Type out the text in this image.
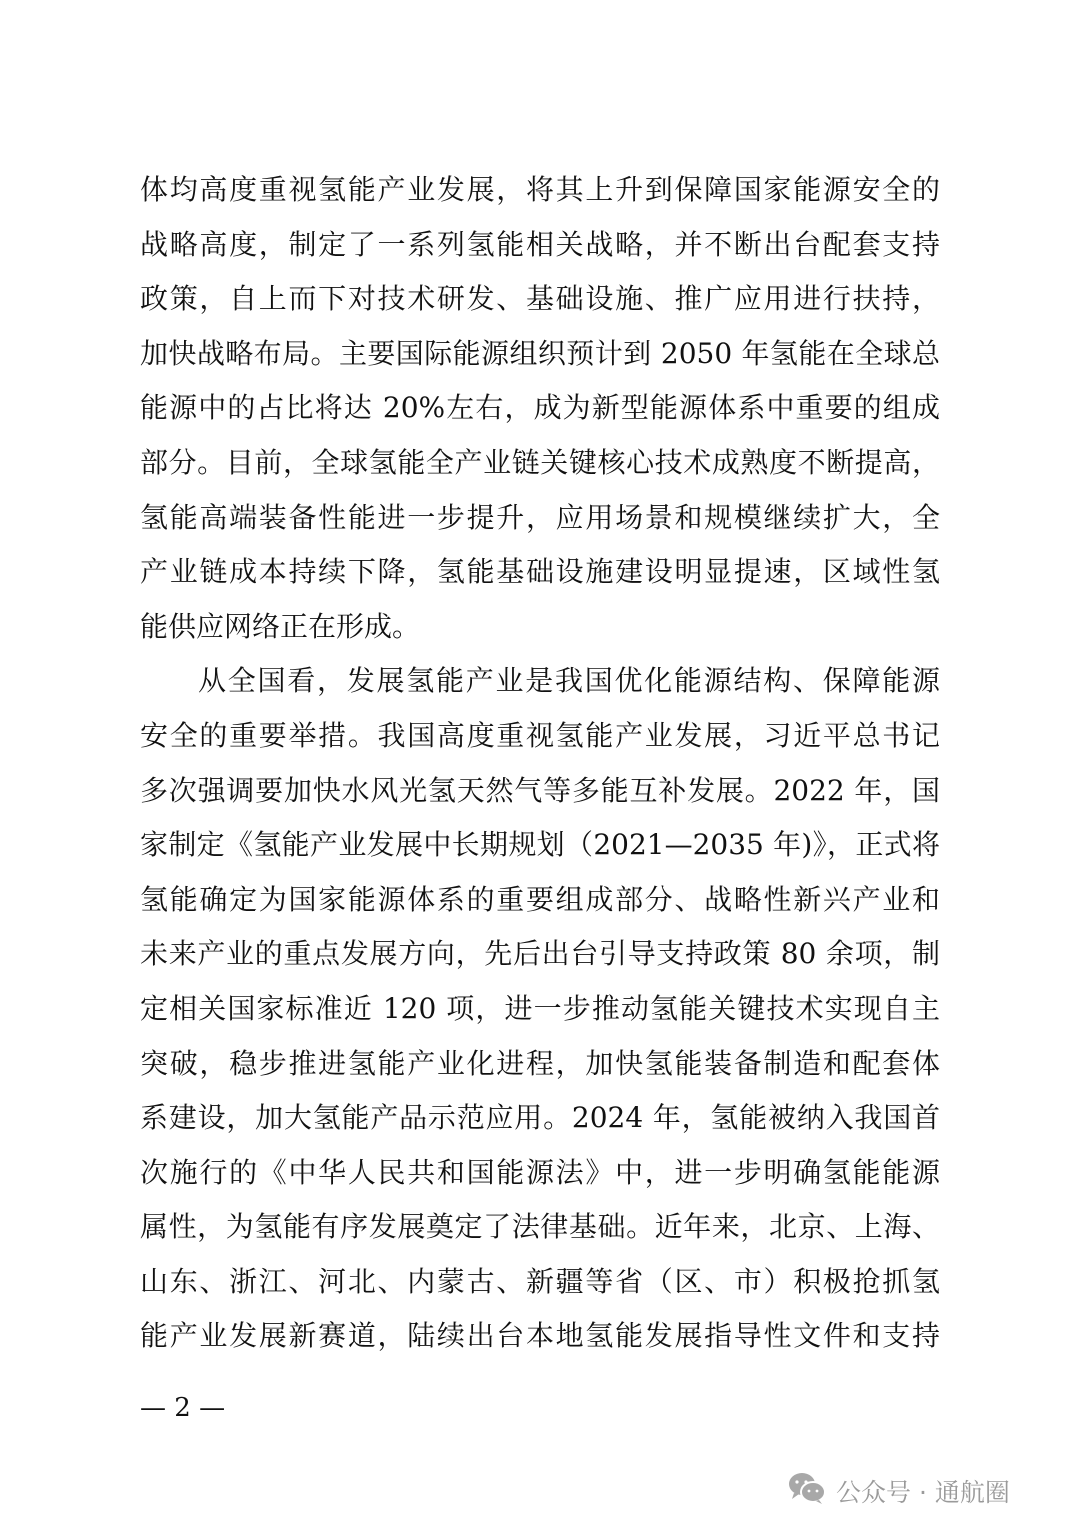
体均高度重视氢能产业发展，将其上升到保障国家能源安全的
战略高度，制定了一系列氢能相关战略，并不断出台配套支持
政策，自上而下对技术研发、基础设施、推广应用进行扶持，
加快战略布局。主要国际能源组织预计到 2050 年氢能在全球总
能源中的占比将达 20%左右，成为新型能源体系中重要的组成
部分。目前，全球氢能全产业链关键核心技术成熟度不断提高，
氢能高端装备性能进一步提升，应用场景和规模继续扩大，全
产业链成本持续下降，氢能基础设施建设明显提速，区域性氢
能供应网络正在形成。
从全国看，发展氢能产业是我国优化能源结构、保障能源
安全的重要举措。我国高度重视氢能产业发展，习近平总书记
多次强调要加快水风光氢天然气等多能互补发展。2022 年，国
家制定《氢能产业发展中长期规划（2021—2035 年)》，正式将
氢能确定为国家能源体系的重要组成部分、战略性新兴产业和
未来产业的重点发展方向，先后出台引导支持政策 80 余项，制
定相关国家标准近 120 项，进一步推动氢能关键技术实现自主
突破，稳步推进氢能产业化进程，加快氢能装备制造和配套体
系建设，加大氢能产品示范应用。2024 年，氢能被纳入我国首
次施行的《中华人民共和国能源法》中，进一步明确氢能能源
属性，为氢能有序发展奠定了法律基础。近年来，北京、上海、
山东、浙江、河北、内蒙古、新疆等省（区、市）积极抢抓氢
能产业发展新赛道，陆续出台本地氢能发展指导性文件和支持
— 2 —
公众号 · 通航圈
